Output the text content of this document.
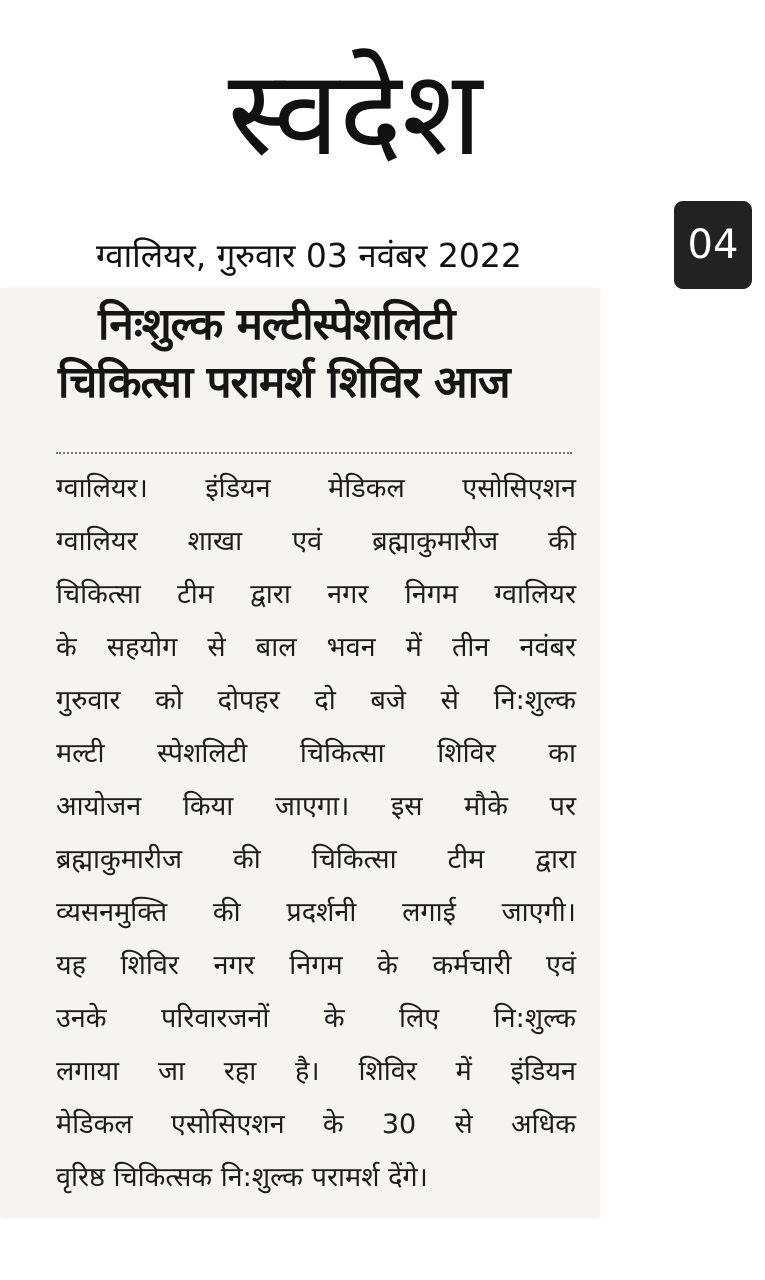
स्वदेश
ग्वालियर, गुरुवार 03 नवंबर 2022	04
निःशुल्क मल्टीस्पेशलिटी
चिकित्सा परामर्श शिविर आज
ग्वालियर। इंडियन मेडिकल एसोसिएशन
ग्वालियर शाखा एवं ब्रह्माकुमारीज की
चिकित्सा टीम द्वारा नगर निगम ग्वालियर
के सहयोग से बाल भवन में तीन नवंबर
गुरुवार को दोपहर दो बजे से नि:शुल्क
मल्टी स्पेशलिटी चिकित्सा शिविर का
आयोजन किया जाएगा। इस मौके पर
ब्रह्माकुमारीज की चिकित्सा टीम द्वारा
व्यसनमुक्ति की प्रदर्शनी लगाई जाएगी।
यह शिविर नगर निगम के कर्मचारी एवं
उनके परिवारजनों के लिए नि:शुल्क
लगाया जा रहा है। शिविर में इंडियन
मेडिकल एसोसिएशन के 30 से अधिक
वृरिष्ठ चिकित्सक नि:शुल्क परामर्श देंगे।
